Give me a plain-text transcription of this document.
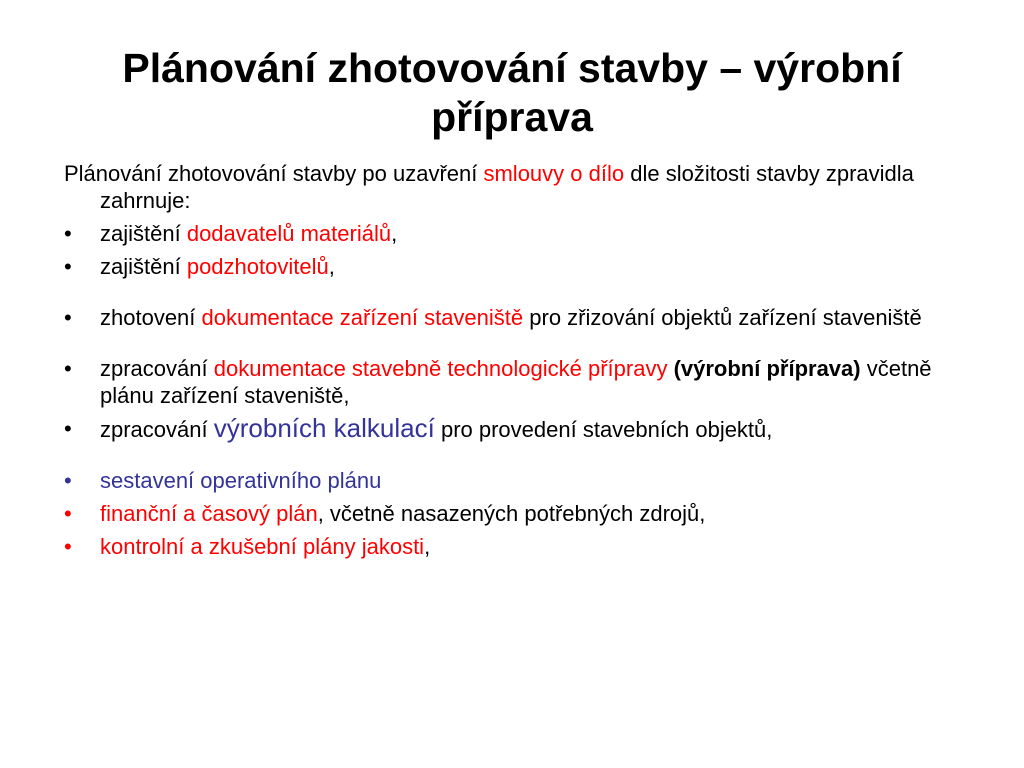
Plánování zhotovování stavby – výrobní příprava
Plánování zhotovování stavby po uzavření smlouvy o dílo dle složitosti stavby zpravidla zahrnuje:
• zajištění dodavatelů materiálů,
• zajištění podzhotovitelů,
• zhotovení dokumentace zařízení staveniště pro zřizování objektů zařízení staveniště
• zpracování dokumentace stavebně technologické přípravy (výrobní příprava) včetně plánu zařízení staveniště,
• zpracování výrobních kalkulací pro provedení stavebních objektů,
• sestavení operativního plánu
• finanční a časový plán, včetně nasazených potřebných zdrojů,
• kontrolní a zkušební plány jakosti,
